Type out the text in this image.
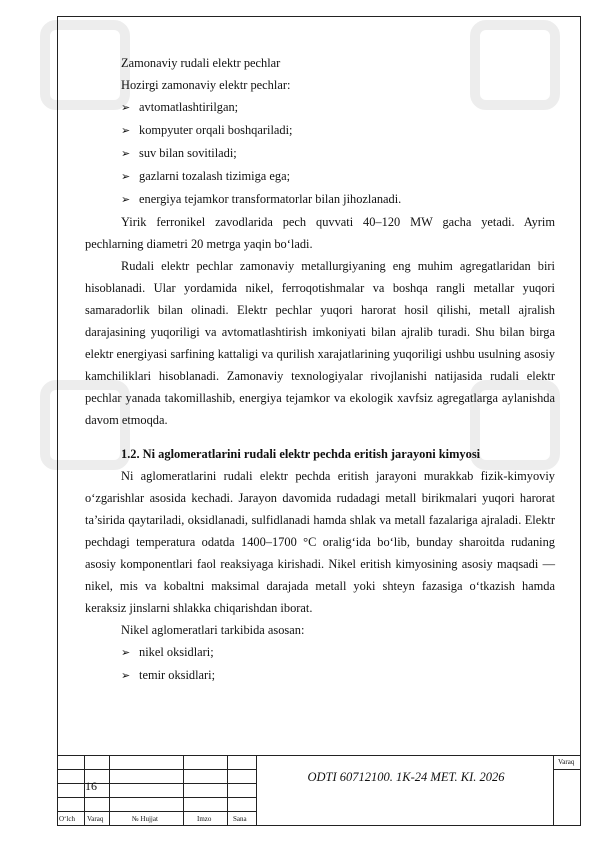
Zamonaviy rudali elektr pechlar

Hozirgi zamonaviy elektr pechlar:

➢ avtomatlashtirilgan;

➢ kompyuter orqali boshqariladi;

➢ suv bilan sovitiladi;

➢ gazlarni tozalash tizimiga ega;

➢ energiya tejamkor transformatorlar bilan jihozlanadi.

Yirik ferronikel zavodlarida pech quvvati 40–120 MW gacha yetadi. Ayrim pechlarning diametri 20 metrga yaqin bo‘ladi.

Rudali elektr pechlar zamonaviy metallurgiyaning eng muhim agregatlaridan biri hisoblanadi. Ular yordamida nikel, ferroqotishmalar va boshqa rangli metallar yuqori samaradorlik bilan olinadi. Elektr pechlar yuqori harorat hosil qilishi, metall ajralish darajasining yuqoriligi va avtomatlashtirish imkoniyati bilan ajralib turadi. Shu bilan birga elektr energiyasi sarfining kattaligi va qurilish xarajatlarining yuqoriligi ushbu usulning asosiy kamchiliklari hisoblanadi. Zamonaviy texnologiyalar rivojlanishi natijasida rudali elektr pechlar yanada takomillashib, energiya tejamkor va ekologik xavfsiz agregatlarga aylanishda davom etmoqda.

1.2. Ni aglomeratlarini rudali elektr pechda eritish jarayoni kimyosi

Ni aglomeratlarini rudali elektr pechda eritish jarayoni murakkab fizik-kimyoviy o‘zgarishlar asosida kechadi. Jarayon davomida rudadagi metall birikmalari yuqori harorat ta’sirida qaytariladi, oksidlanadi, sulfidlanadi hamda shlak va metall fazalariga ajraladi. Elektr pechdagi temperatura odatda 1400–1700 °C oralig‘ida bo‘lib, bunday sharoitda rudaning asosiy komponentlari faol reaksiyaga kirishadi. Nikel eritish kimyosining asosiy maqsadi — nikel, mis va kobaltni maksimal darajada metall yoki shteyn fazasiga o‘tkazish hamda keraksiz jinslarni shlakka chiqarishdan iborat.

Nikel aglomeratlari tarkibida asosan:

➢ nikel oksidlari;

➢ temir oksidlari;

16
ODTI 60712100. 1K-24 MET. KI. 2026
Varaq
O‘lch Varaq	№ Hujjat	Imzo	Sana
